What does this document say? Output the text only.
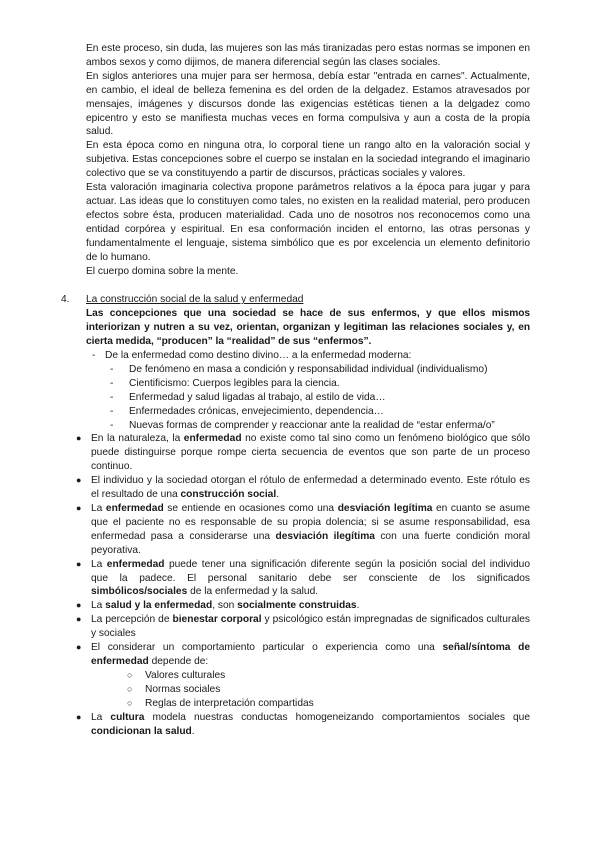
En este proceso, sin duda, las mujeres son las más tiranizadas pero estas normas se imponen en ambos sexos y como dijimos, de manera diferencial según las clases sociales.

En siglos anteriores una mujer para ser hermosa, debía estar "entrada en carnes". Actualmente, en cambio, el ideal de belleza femenina es del orden de la delgadez. Estamos atravesados por mensajes, imágenes y discursos donde las exigencias estéticas tienen a la delgadez como epicentro y esto se manifiesta muchas veces en forma compulsiva y aun a costa de la propia salud.

En esta época como en ninguna otra, lo corporal tiene un rango alto en la valoración social y subjetiva. Estas concepciones sobre el cuerpo se instalan en la sociedad integrando el imaginario colectivo que se va constituyendo a partir de discursos, prácticas sociales y valores.

Esta valoración imaginaria colectiva propone parámetros relativos a la época para jugar y para actuar. Las ideas que lo constituyen como tales, no existen en la realidad material, pero producen efectos sobre ésta, producen materialidad. Cada uno de nosotros nos reconocemos como una entidad corpórea y espiritual. En esa conformación inciden el entorno, las otras personas y fundamentalmente el lenguaje, sistema simbólico que es por excelencia un elemento definitorio de lo humano.

El cuerpo domina sobre la mente.

4. La construcción social de la salud y enfermedad

Las concepciones que una sociedad se hace de sus enfermos, y que ellos mismos interiorizan y nutren a su vez, orientan, organizan y legitiman las relaciones sociales y, en cierta medida, “producen” la “realidad” de sus “enfermos”.

- De la enfermedad como destino divino… a la enfermedad moderna:
- De fenómeno en masa a condición y responsabilidad individual (individualismo)
- Cientificismo: Cuerpos legibles para la ciencia.
- Enfermedad y salud ligadas al trabajo, al estilo de vida…
- Enfermedades crónicas, envejecimiento, dependencia…
- Nuevas formas de comprender y reaccionar ante la realidad de “estar enferma/o”
● En la naturaleza, la enfermedad no existe como tal sino como un fenómeno biológico que sólo puede distinguirse porque rompe cierta secuencia de eventos que son parte de un proceso continuo.
● El individuo y la sociedad otorgan el rótulo de enfermedad a determinado evento. Este rótulo es el resultado de una construcción social.
● La enfermedad se entiende en ocasiones como una desviación legítima en cuanto se asume que el paciente no es responsable de su propia dolencia; si se asume responsabilidad, esa enfermedad pasa a considerarse una desviación ilegítima con una fuerte condición moral peyorativa.
● La enfermedad puede tener una significación diferente según la posición social del individuo que la padece. El personal sanitario debe ser consciente de los significados simbólicos/sociales de la enfermedad y la salud.
● La salud y la enfermedad, son socialmente construidas.
● La percepción de bienestar corporal y psicológico están impregnadas de significados culturales y sociales
● El considerar un comportamiento particular o experiencia como una señal/síntoma de enfermedad depende de:
○ Valores culturales
○ Normas sociales
○ Reglas de interpretación compartidas
● La cultura modela nuestras conductas homogeneizando comportamientos sociales que condicionan la salud.
